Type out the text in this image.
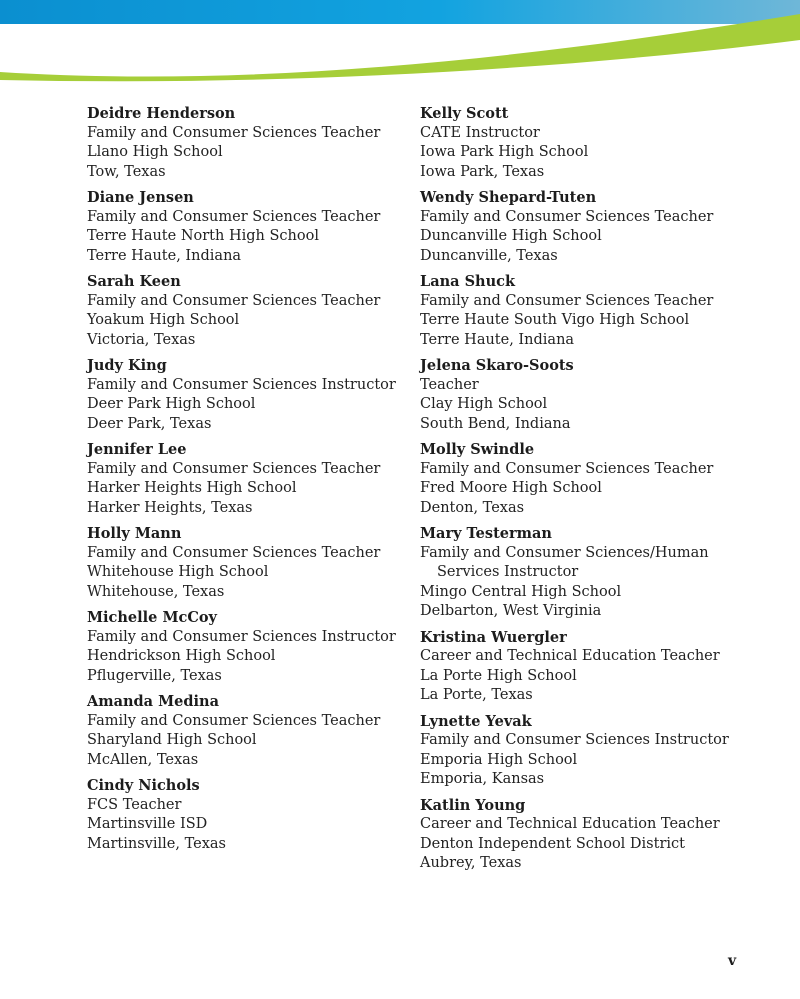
Deidre Henderson
Family and Consumer Sciences Teacher
Llano High School
Tow, Texas
Diane Jensen
Family and Consumer Sciences Teacher
Terre Haute North High School
Terre Haute, Indiana
Sarah Keen
Family and Consumer Sciences Teacher
Yoakum High School
Victoria, Texas
Judy King
Family and Consumer Sciences Instructor
Deer Park High School
Deer Park, Texas
Jennifer Lee
Family and Consumer Sciences Teacher
Harker Heights High School
Harker Heights, Texas
Holly Mann
Family and Consumer Sciences Teacher
Whitehouse High School
Whitehouse, Texas
Michelle McCoy
Family and Consumer Sciences Instructor
Hendrickson High School
Pflugerville, Texas
Amanda Medina
Family and Consumer Sciences Teacher
Sharyland High School
McAllen, Texas
Cindy Nichols
FCS Teacher
Martinsville ISD
Martinsville, Texas
Kelly Scott
CATE Instructor
Iowa Park High School
Iowa Park, Texas
Wendy Shepard-Tuten
Family and Consumer Sciences Teacher
Duncanville High School
Duncanville, Texas
Lana Shuck
Family and Consumer Sciences Teacher
Terre Haute South Vigo High School
Terre Haute, Indiana
Jelena Skaro-Soots
Teacher
Clay High School
South Bend, Indiana
Molly Swindle
Family and Consumer Sciences Teacher
Fred Moore High School
Denton, Texas
Mary Testerman
Family and Consumer Sciences/Human Services Instructor
Mingo Central High School
Delbarton, West Virginia
Kristina Wuergler
Career and Technical Education Teacher
La Porte High School
La Porte, Texas
Lynette Yevak
Family and Consumer Sciences Instructor
Emporia High School
Emporia, Kansas
Katlin Young
Career and Technical Education Teacher
Denton Independent School District
Aubrey, Texas
v
